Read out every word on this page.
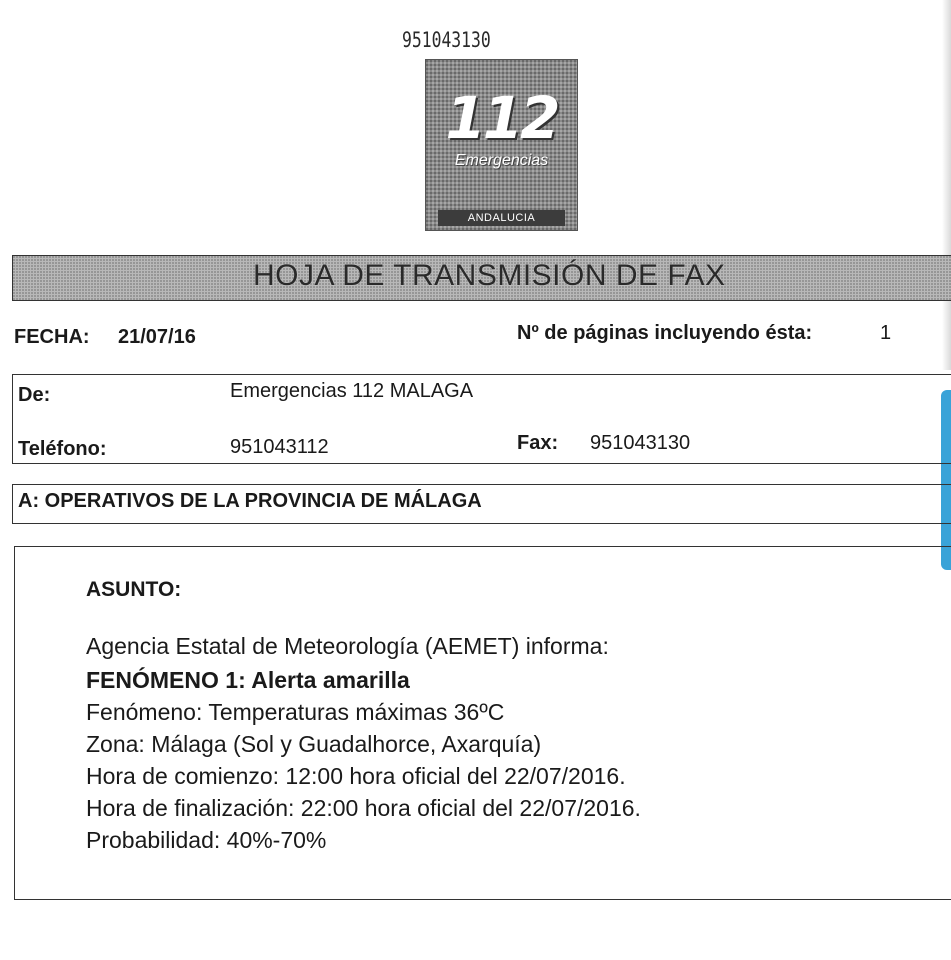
951043130
112
Emergencias
ANDALUCIA
HOJA DE TRANSMISIÓN DE FAX
FECHA: 21/07/16	Nº de páginas incluyendo ésta:	1
De:	Emergencias 112 MALAGA
Teléfono:	951043112	Fax: 951043130
A: OPERATIVOS DE LA PROVINCIA DE MÁLAGA
ASUNTO:
Agencia Estatal de Meteorología (AEMET) informa:
FENÓMENO 1: Alerta amarilla
Fenómeno: Temperaturas máximas 36ºC
Zona: Málaga (Sol y Guadalhorce, Axarquía)
Hora de comienzo: 12:00 hora oficial del 22/07/2016.
Hora de finalización: 22:00 hora oficial del 22/07/2016.
Probabilidad: 40%-70%
